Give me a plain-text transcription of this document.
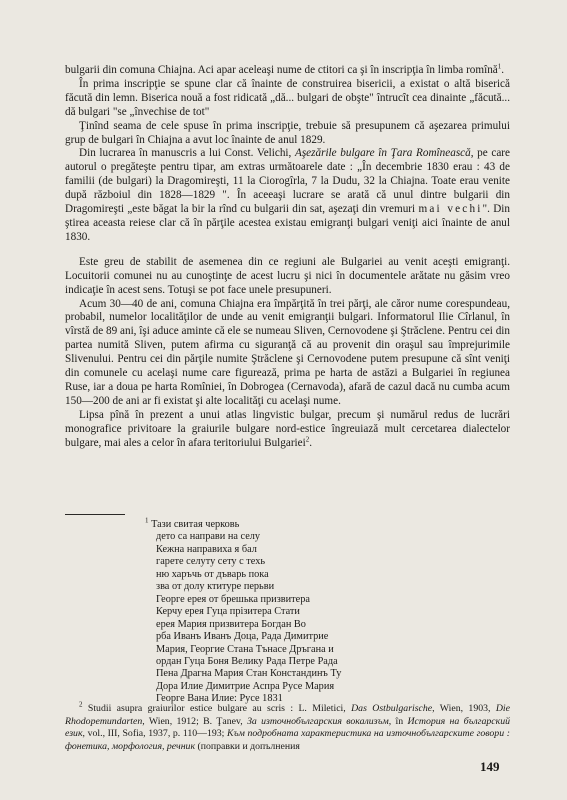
bulgarii din comuna Chiajna. Aci apar aceleaşi nume de ctitori ca şi în inscripţia în limba romînă$^1$.

În prima inscripţie se spune clar că înainte de construirea bisericii, a existat o altă biserică făcută din lemn. Biserica nouă a fost ridicată „dă... bulgari de obşte" întrucît cea dinainte „făcută... dă bulgari "se „învechise de tot"

Ţinînd seama de cele spuse în prima inscripţie, trebuie să presupunem că aşezarea primului grup de bulgari în Chiajna a avut loc înainte de anul 1829.

Din lucrarea în manuscris a lui Const. Velichi, Aşezările bulgare în Ţara Romînească, pe care autorul o pregăteşte pentru tipar, am extras următoarele date : „În decembrie 1830 erau : 43 de familii (de bulgari) la Dragomireşti, 11 la Ciorogîrla, 7 la Dudu, 32 la Chiajna. Toate erau venite după războiul din 1828—1829 ". În aceeaşi lucrare se arată că unul dintre bulgarii din Dragomireşti „este băgat la bir la rînd cu bulgarii din sat, aşezaţi din vremuri mai vechi". Din ştirea aceasta reiese clar că în părţile acestea existau emigranţi bulgari veniţi aici înainte de anul 1830.

Este greu de stabilit de asemenea din ce regiuni ale Bulgariei au venit aceşti emigranţi. Locuitorii comunei nu au cunoştinţe de acest lucru şi nici în documentele arătate nu găsim vreo indicaţie în acest sens. Totuşi se pot face unele presupuneri.

Acum 30—40 de ani, comuna Chiajna era împărţită în trei părţi, ale căror nume corespundeau, probabil, numelor localităţilor de unde au venit emigranţii bulgari. Informatorul Ilie Cîrlanul, în vîrstă de 89 ani, îşi aduce aminte că ele se numeau Sliven, Cernovodene şi Ştrăclene. Pentru cei din partea numită Sliven, putem afirma cu siguranţă că au provenit din oraşul sau împrejurimile Slivenului. Pentru cei din părţile numite Ştrăclene şi Cernovodene putem presupune că sînt veniţi din comunele cu acelaşi nume care figurează, prima pe harta de astăzi a Bulgariei în regiunea Ruse, iar a doua pe harta Romîniei, în Dobrogea (Cernavoda), afară de cazul dacă nu cumba acum 150—200 de ani ar fi existat şi alte localităţi cu acelaşi nume.

Lipsa pînă în prezent a unui atlas lingvistic bulgar, precum şi numărul redus de lucrări monografice privitoare la graiurile bulgare nord-estice îngreuiază mult cercetarea dialectelor bulgare, mai ales a celor în afara teritoriului Bulgariei$^2$.

$^1$ Тази свитая черковь
дето са направи на селу
Кежна направиха я бал
гарете селуту сету с техь
ню харъчь от дъварь пока
зва от долу ктитуре перьви
Георге ерея от брешька призвитера
Керчу ерея Гуца прізитера Стати
ерея Мария призвитера Богдан Во
рба Иванъ Иванъ Доца, Рада Димитрие
Мария, Георгие Стана Тънасе Дръгана и
ордан Гуца Боня Велику Рада Петре Рада
Пена Драгна Мария Стан Констандинъ Ту
Дора Илие Димитрие Аспра Русе Мария
Георге Вана Илие: Русе 1831

$^2$ Studii asupra graiurilor estice bulgare au scris : L. Miletici, Das Ostbulgarische, Wien, 1903, Die Rhodopemundarten, Wien, 1912; B. Ţanev, За източнобългарския вокализъм, în История на българский език, vol., III, Sofia, 1937, p. 110—193; Към подробната характеристика на източнобългарските говори : фонетика, морфология, речник (поправки и допълнения

149
